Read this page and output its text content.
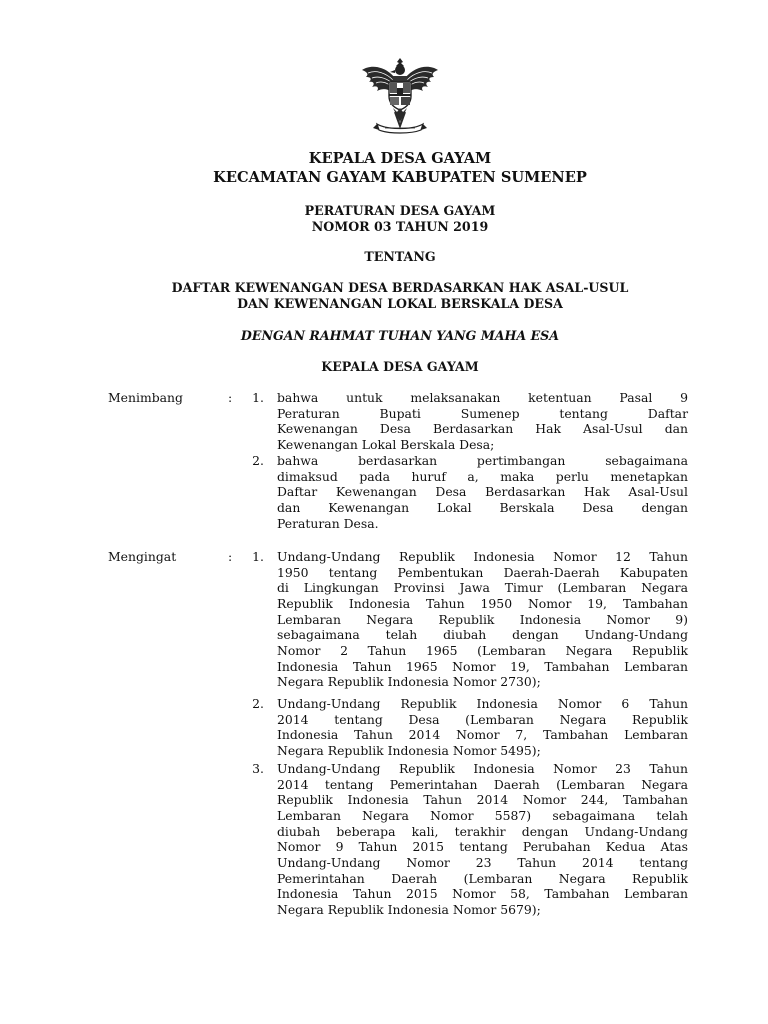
KEPALA DESA GAYAM
KECAMATAN GAYAM KABUPATEN SUMENEP
PERATURAN DESA GAYAM
NOMOR 03 TAHUN 2019
TENTANG
DAFTAR KEWENANGAN DESA BERDASARKAN HAK ASAL-USUL
DAN KEWENANGAN LOKAL BERSKALA DESA
DENGAN RAHMAT TUHAN YANG MAHA ESA
KEPALA DESA GAYAM
Menimbang	:	1. bahwa untuk melaksanakan ketentuan Pasal 9
Peraturan Bupati Sumenep tentang Daftar
Kewenangan Desa Berdasarkan Hak Asal-Usul dan
Kewenangan Lokal Berskala Desa;
2. bahwa berdasarkan pertimbangan sebagaimana
dimaksud pada huruf a, maka perlu menetapkan
Daftar Kewenangan Desa Berdasarkan Hak Asal-Usul
dan Kewenangan Lokal Berskala Desa dengan
Peraturan Desa.
Mengingat	:	1. Undang-Undang Republik Indonesia Nomor 12 Tahun
1950 tentang Pembentukan Daerah-Daerah Kabupaten
di Lingkungan Provinsi Jawa Timur (Lembaran Negara
Republik Indonesia Tahun 1950 Nomor 19, Tambahan
Lembaran Negara Republik Indonesia Nomor 9)
sebagaimana telah diubah dengan Undang-Undang
Nomor 2 Tahun 1965 (Lembaran Negara Republik
Indonesia Tahun 1965 Nomor 19, Tambahan Lembaran
Negara Republik Indonesia Nomor 2730);
2. Undang-Undang Republik Indonesia Nomor 6 Tahun
2014 tentang Desa (Lembaran Negara Republik
Indonesia Tahun 2014 Nomor 7, Tambahan Lembaran
Negara Republik Indonesia Nomor 5495);
3. Undang-Undang Republik Indonesia Nomor 23 Tahun
2014 tentang Pemerintahan Daerah (Lembaran Negara
Republik Indonesia Tahun 2014 Nomor 244, Tambahan
Lembaran Negara Nomor 5587) sebagaimana telah
diubah beberapa kali, terakhir dengan Undang-Undang
Nomor 9 Tahun 2015 tentang Perubahan Kedua Atas
Undang-Undang Nomor 23 Tahun 2014 tentang
Pemerintahan Daerah (Lembaran Negara Republik
Indonesia Tahun 2015 Nomor 58, Tambahan Lembaran
Negara Republik Indonesia Nomor 5679);
